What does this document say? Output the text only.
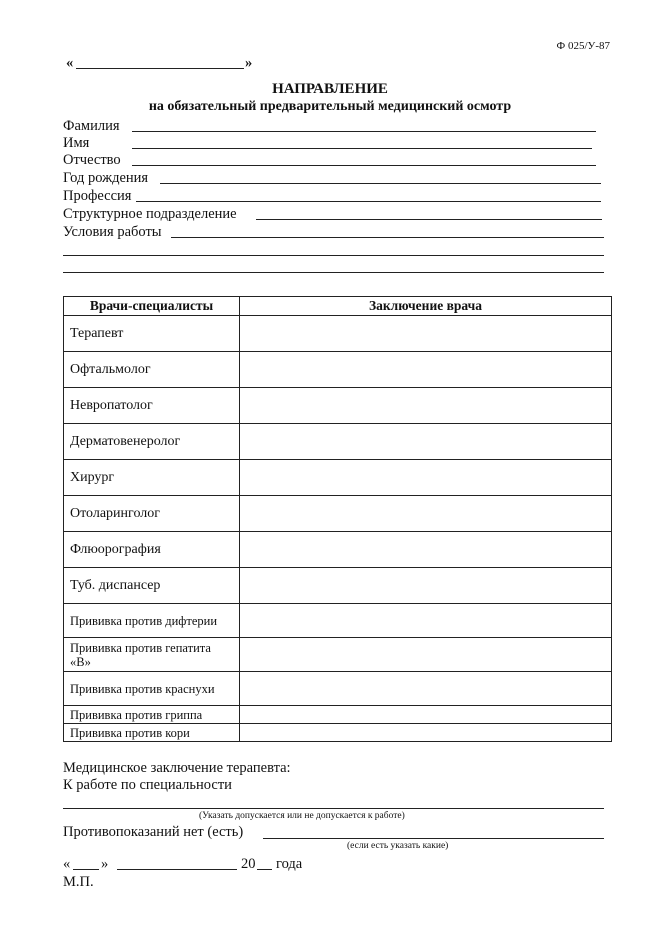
Ф 025/У-87
«	»
НАПРАВЛЕНИЕ
на обязательный предварительный медицинский осмотр
Фамилия
Имя
Отчество
Год рождения
Профессия
Структурное подразделение
Условия работы
Врачи-специалисты	Заключение врача
Терапевт	
Офтальмолог	
Невропатолог	
Дерматовенеролог	
Хирург	
Отоларинголог	
Флюорография	
Туб. диспансер	
Прививка против дифтерии	
Прививка против гепатита «В»	
Прививка против краснухи	
Прививка против гриппа	
Прививка против кори	
Медицинское заключение терапевта:
К работе по специальности
(Указать допускается или не допускается к работе)
Противопоказаний нет (есть)
(если есть указать какие)
« »	20 года
М.П.
